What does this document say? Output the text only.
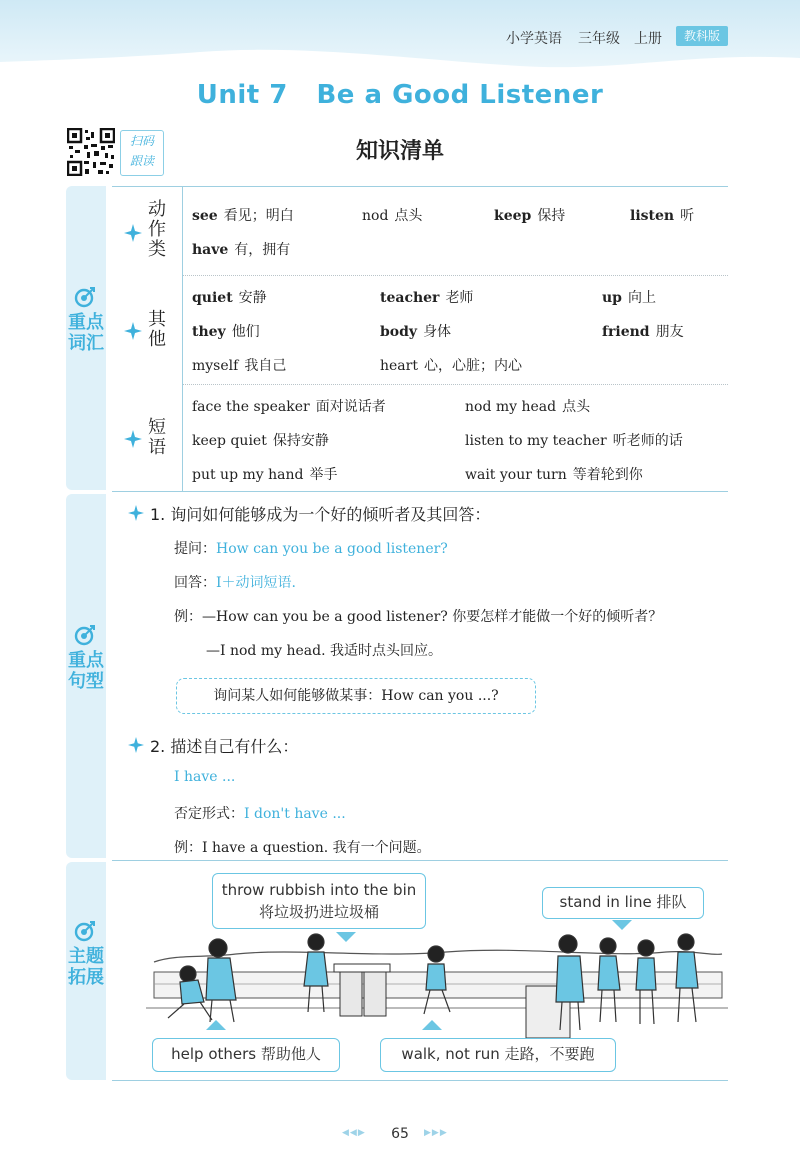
小学英语 三年级 上册	教科版
Unit 7   Be a Good Listener
扫码
跟读	知识清单
重点词汇
重点句型
主题拓展
动作类
see 看见；明白	nod 点头	keep 保持	listen 听
have 有，拥有
其他
quiet 安静	teacher 老师	up 向上
they 他们	body 身体	friend 朋友
myself 我自己	heart 心，心脏；内心
短语
face the speaker 面对说话者	nod my head 点头
keep quiet 保持安静	listen to my teacher 听老师的话
put up my hand 举手	wait your turn 等着轮到你
1. 询问如何能够成为一个好的倾听者及其回答：
提问：How can you be a good listener?
回答：I＋动词短语.
例：—How can you be a good listener? 你要怎样才能做一个好的倾听者？
—I nod my head. 我适时点头回应。
询问某人如何能够做某事：How can you ...?
2. 描述自己有什么：
I have ...
否定形式：I don't have ...
例：I have a question. 我有一个问题。
throw rubbish into the bin
将垃圾扔进垃圾桶
stand in line 排队
help others 帮助他人	walk, not run 走路，不要跑
◀◀▶	65	▶▶▶
